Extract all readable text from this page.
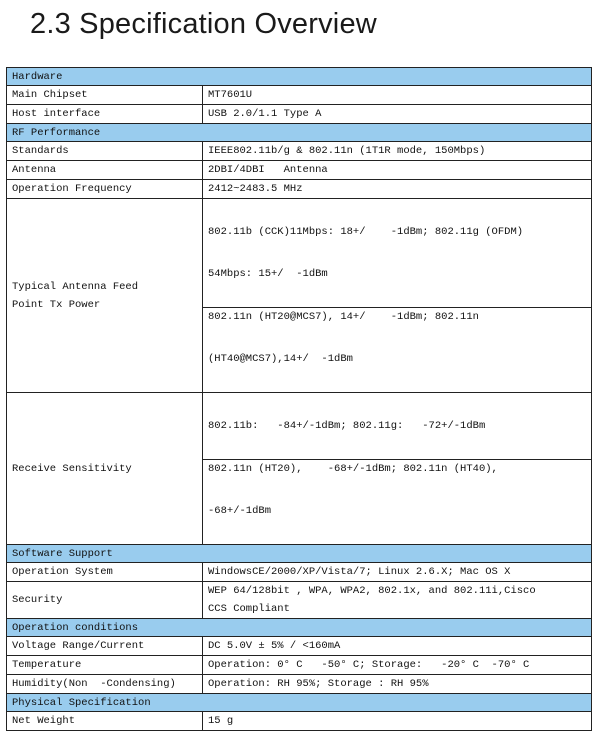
2.3 Specification Overview
Hardware	
Main Chipset	MT7601U
Host interface	USB 2.0/1.1 Type A
RF Performance	
Standards	IEEE802.11b/g & 802.11n (1T1R mode, 150Mbps)
Antenna	2DBI/4DBI   Antenna
Operation Frequency	2412~2483.5 MHz

Typical Antenna Feed
Point Tx Power	802.11b (CCK)11Mbps: 18+/    -1dBm; 802.11g (OFDM)

54Mbps: 15+/  -1dBm

802.11n (HT20@MCS7), 14+/    -1dBm; 802.11n

(HT40@MCS7),14+/  -1dBm

Receive Sensitivity	802.11b:   -84+/-1dBm; 802.11g:   -72+/-1dBm

802.11n (HT20),    -68+/-1dBm; 802.11n (HT40),

-68+/-1dBm

Software Support	
Operation System	WindowsCE/2000/XP/Vista/7; Linux 2.6.X; Mac OS X
Security	WEP 64/128bit , WPA, WPA2, 802.1x, and 802.11i,Cisco
CCS Compliant

Operation conditions	
Voltage Range/Current	DC 5.0V ± 5% / <160mA
Temperature	Operation: 0° C   -50° C; Storage:   -20° C  -70° C
Humidity(Non  -Condensing)	Operation: RH 95%; Storage : RH 95%
Physical Specification	
Net Weight	15 g
